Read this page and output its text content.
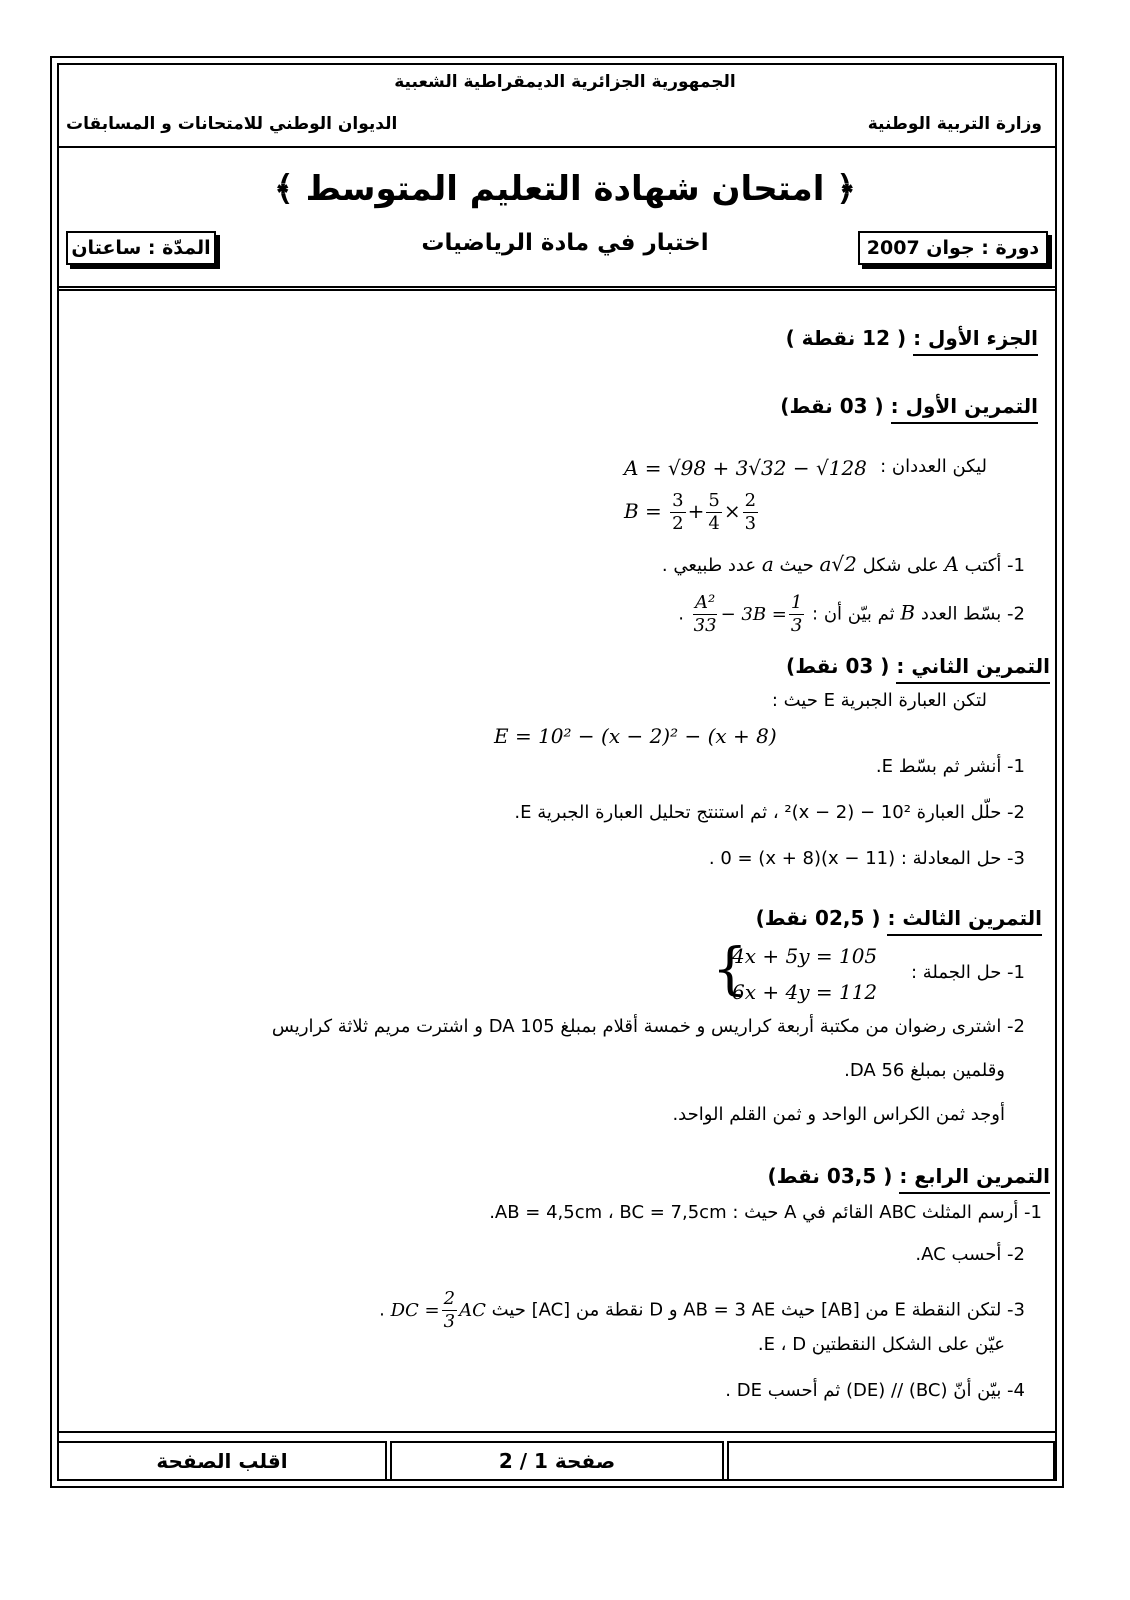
الجمهورية الجزائرية الديمقراطية الشعبية
الديوان الوطني للامتحانات و المسابقات	وزارة التربية الوطنية
﴿ امتحان شهادة التعليم المتوسط ﴾
اختبار في مادة الرياضيات
المدّة : ساعتان	دورة : جوان 2007
الجزء الأول : ( 12 نقطة )
التمرين الأول : ( 03 نقط)
ليكن العددان :
A = √98 + 3√32 − √128
$B = \frac{3}{2} + \frac{5}{4} \times \frac{2}{3}$
1- أكتب A على شكل a√2 حيث a عدد طبيعي .
2- بسّط العدد B ثم بيّن أن :
$\frac{\text{A²}}{33} - 3B = \frac{1}{3}$
.
التمرين الثاني : ( 03 نقط)
لتكن العبارة الجبرية E حيث :
E = 10² − (x − 2)² − (x + 8)
1- أنشر ثم بسّط E.
2- حلّل العبارة 10² − (x − 2)² ، ثم استنتج تحليل العبارة الجبرية E.
3- حل المعادلة : (11 − x)(x + 8) = 0 .
التمرين الثالث : ( 02,5 نقط)
1- حل الجملة :
{
4x + 5y = 105
6x + 4y = 112
2- اشترى رضوان من مكتبة أربعة كراريس و خمسة أقلام بمبلغ 105 DA و اشترت مريم ثلاثة كراريس
وقلمين بمبلغ 56 DA.
أوجد ثمن الكراس الواحد و ثمن القلم الواحد.
التمرين الرابع : ( 03,5 نقط)
1- أرسم المثلث ABC القائم في A حيث : AB = 4,5cm ، BC = 7,5cm.
2- أحسب AC.
3- لتكن النقطة E من [AB] حيث AB = 3 AE و D نقطة من [AC] حيث DC = $\frac{2}{3}$ AC .
عيّن على الشكل النقطتين E ، D.
4- بيّن أنّ (BC) // (DE) ثم أحسب DE .
اقلب الصفحة	صفحة 1 / 2
